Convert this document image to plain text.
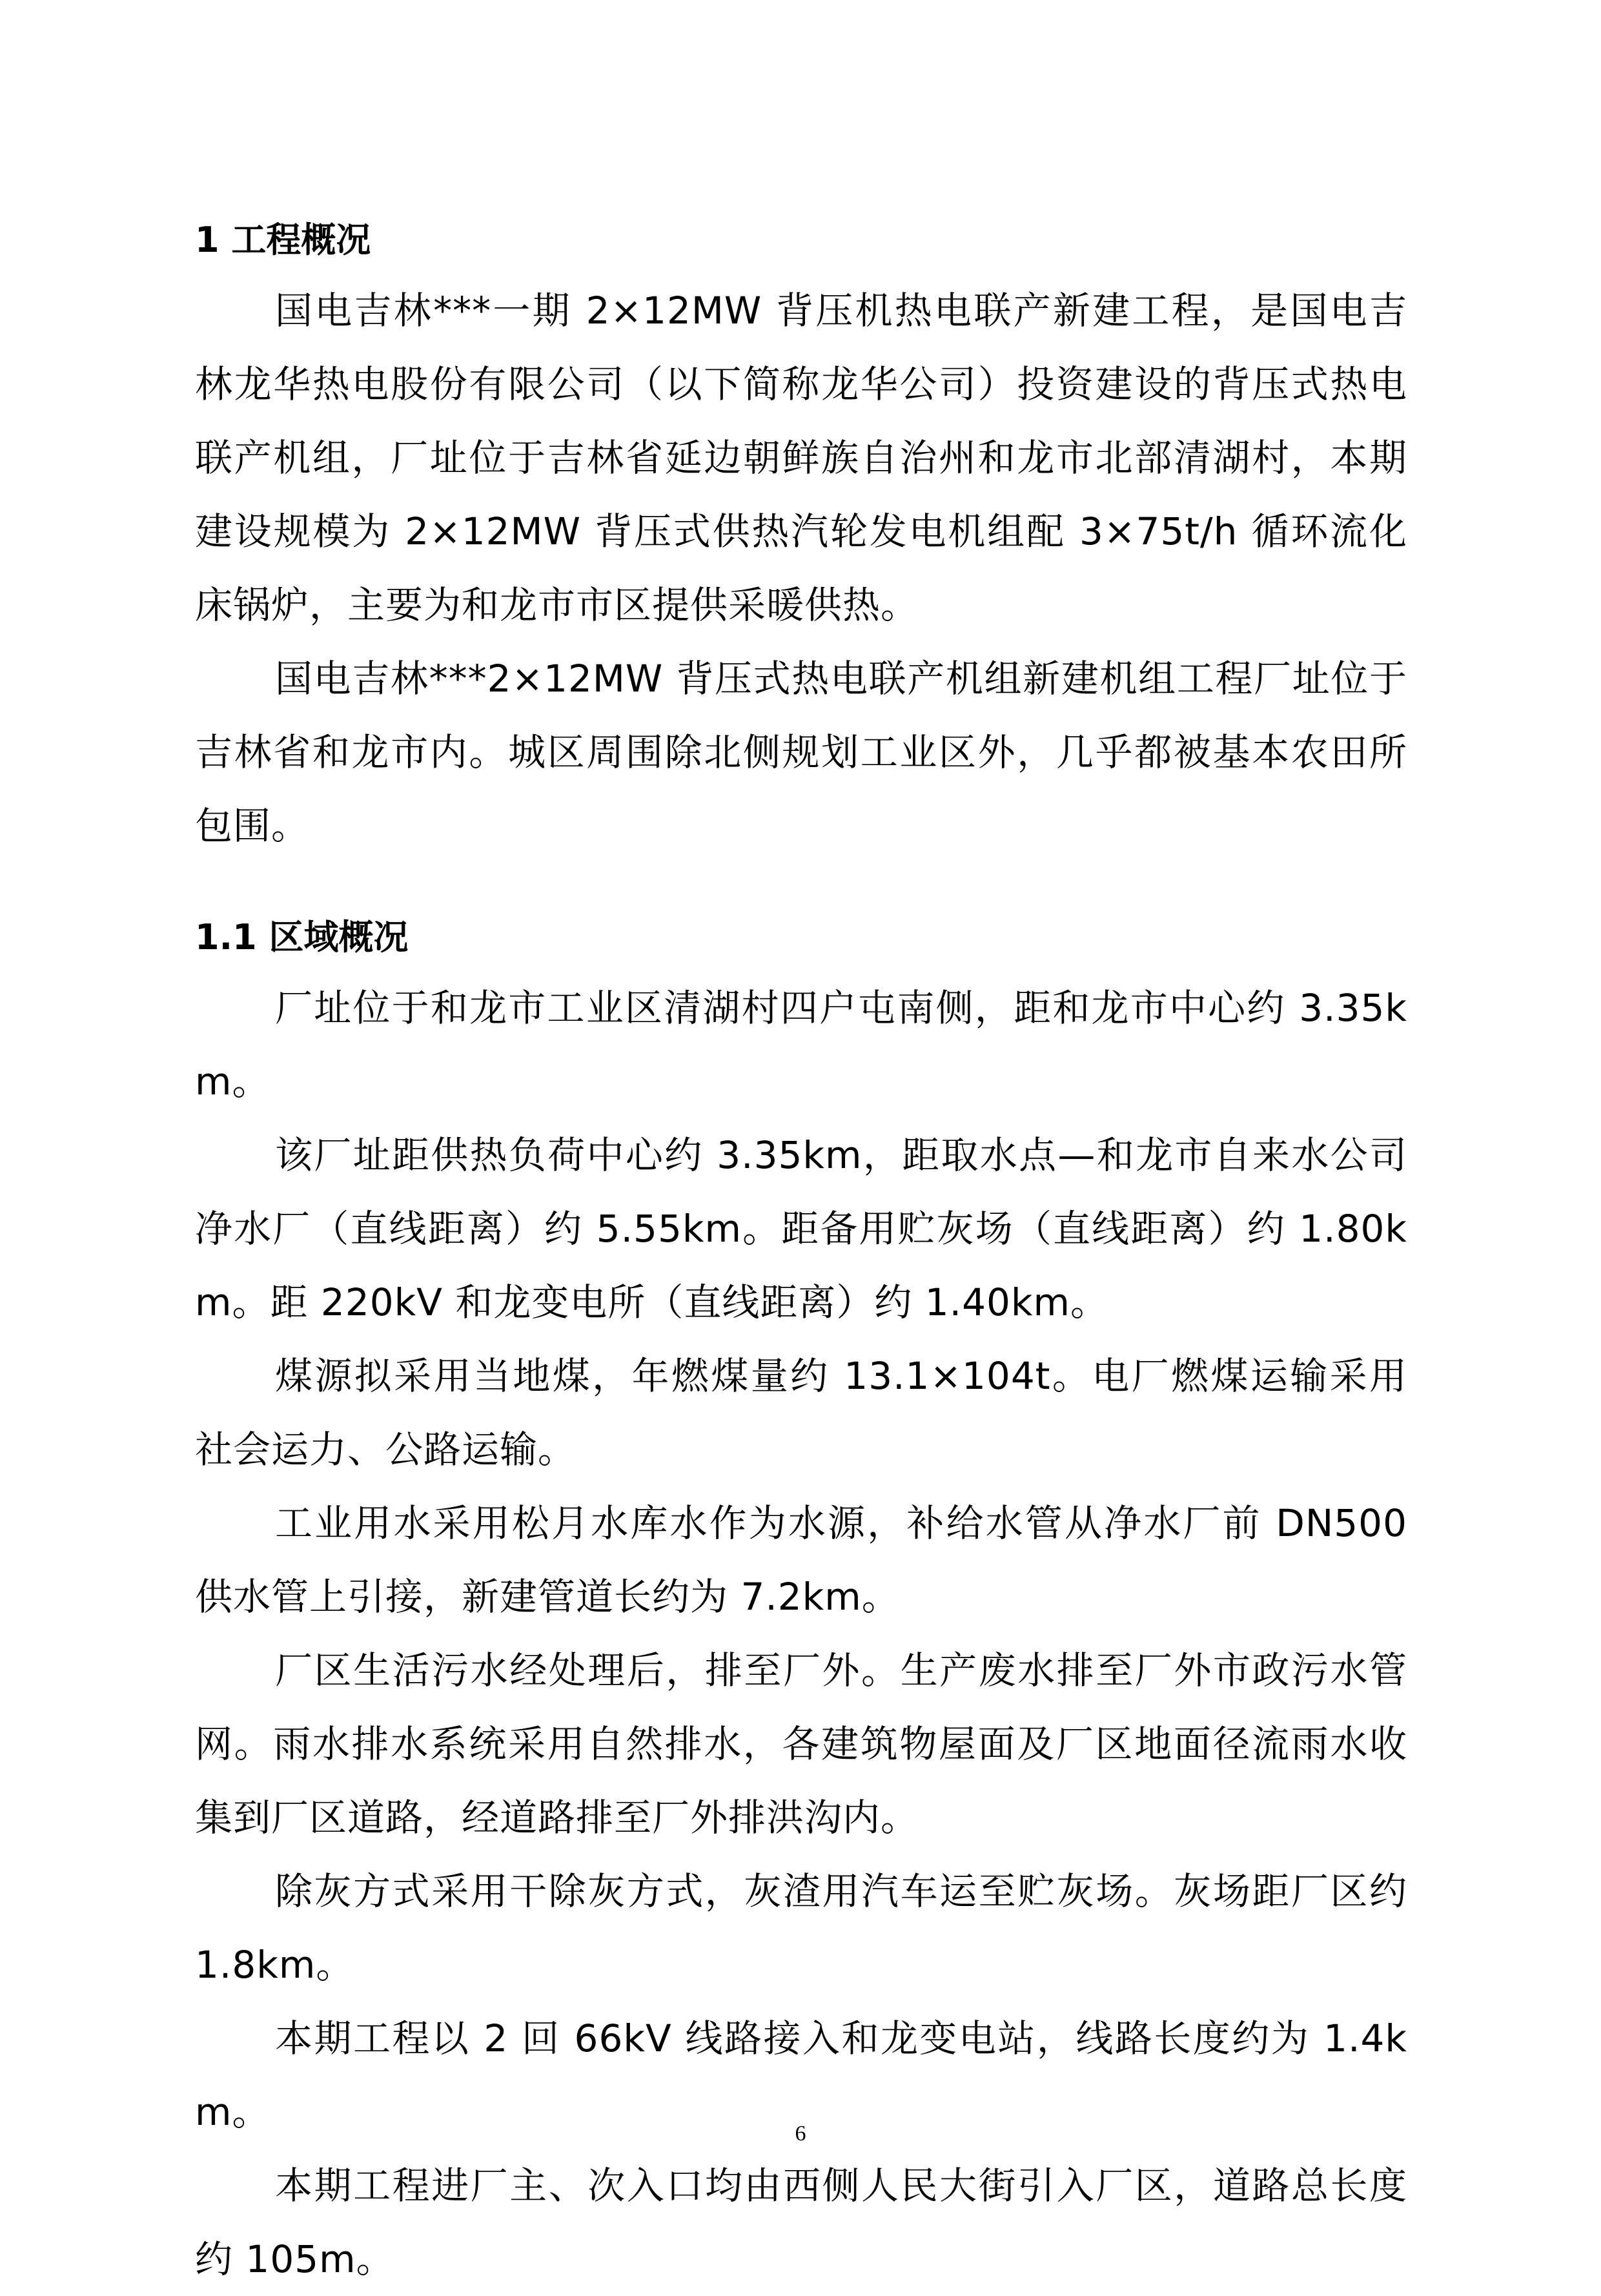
1 工程概况

国电吉林***一期 2×12MW 背压机热电联产新建工程，是国电吉林龙华热电股份有限公司（以下简称龙华公司）投资建设的背压式热电联产机组，厂址位于吉林省延边朝鲜族自治州和龙市北部清湖村，本期建设规模为 2×12MW 背压式供热汽轮发电机组配 3×75t/h 循环流化床锅炉，主要为和龙市市区提供采暖供热。

国电吉林***2×12MW 背压式热电联产机组新建机组工程厂址位于吉林省和龙市内。城区周围除北侧规划工业区外，几乎都被基本农田所包围。

1.1 区域概况

厂址位于和龙市工业区清湖村四户屯南侧，距和龙市中心约 3.35km。

该厂址距供热负荷中心约 3.35km，距取水点—和龙市自来水公司净水厂（直线距离）约 5.55km。距备用贮灰场（直线距离）约 1.80km。距 220kV 和龙变电所（直线距离）约 1.40km。

煤源拟采用当地煤，年燃煤量约 13.1×104t。电厂燃煤运输采用社会运力、公路运输。

工业用水采用松月水库水作为水源，补给水管从净水厂前 DN500 供水管上引接，新建管道长约为 7.2km。

厂区生活污水经处理后，排至厂外。生产废水排至厂外市政污水管网。雨水排水系统采用自然排水，各建筑物屋面及厂区地面径流雨水收集到厂区道路，经道路排至厂外排洪沟内。

除灰方式采用干除灰方式，灰渣用汽车运至贮灰场。灰场距厂区约 1.8km。

本期工程以 2 回 66kV 线路接入和龙变电站，线路长度约为 1.4km。

本期工程进厂主、次入口均由西侧人民大街引入厂区，道路总长度约 105m。

6
